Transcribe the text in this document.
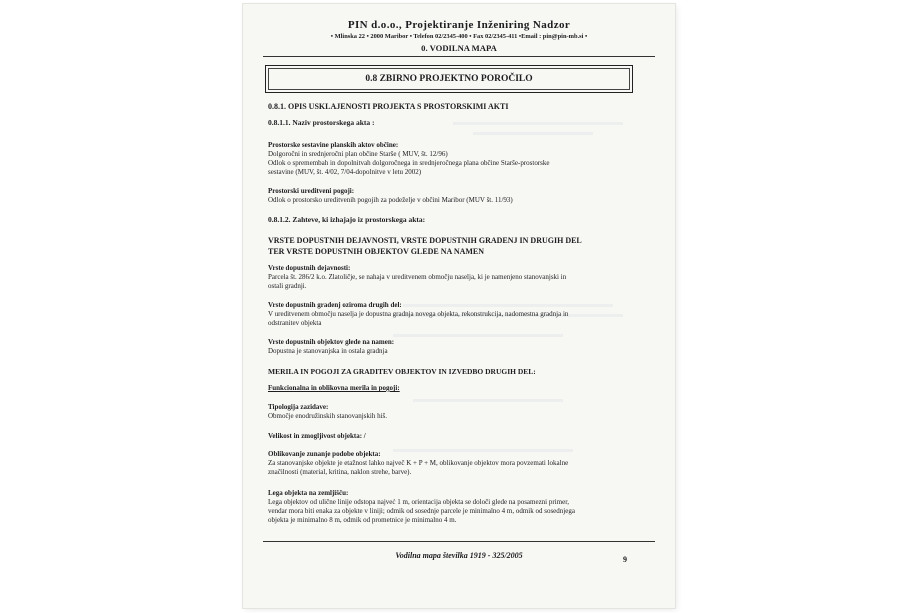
PIN d.o.o., Projektiranje Inženiring Nadzor
• Mlinska 22 • 2000 Maribor • Telefon 02/2345-400 • Fax 02/2345-411 •Email : pin@pin-mb.si •
0. VODILNA MAPA
0.8 ZBIRNO PROJEKTNO POROČILO
0.8.1. OPIS USKLAJENOSTI PROJEKTA S PROSTORSKIMI AKTI
0.8.1.1. Naziv prostorskega akta :
Prostorske sestavine planskih aktov občine:
Dolgoročni in srednjeročni plan občine Starše ( MUV, št. 12/96)
Odlok o spremembah in dopolnitvah dolgoročnega in srednjeročnega plana občine Starše-prostorske
sestavine (MUV, št. 4/02, 7/04-dopolnitve v letu 2002)
Prostorski ureditveni pogoji:
Odlok o prostorsko ureditvenih pogojih za podeželje v občini Maribor (MUV št. 11/93)
0.8.1.2. Zahteve, ki izhajajo iz prostorskega akta:
VRSTE DOPUSTNIH DEJAVNOSTI, VRSTE DOPUSTNIH GRADENJ IN DRUGIH DEL
TER VRSTE DOPUSTNIH OBJEKTOV GLEDE NA NAMEN
Vrste dopustnih dejavnosti:
Parcela št. 286/2 k.o. Zlatoličje, se nahaja v ureditvenem območju naselja, ki je namenjeno stanovanjski in
ostali gradnji.
Vrste dopustnih gradenj oziroma drugih del:
V ureditvenem območju naselja je dopustna gradnja novega objekta, rekonstrukcija, nadomestna gradnja in
odstranitev objekta
Vrste dopustnih objektov glede na namen:
Dopustna je stanovanjska in ostala gradnja
MERILA IN POGOJI ZA GRADITEV OBJEKTOV IN IZVEDBO DRUGIH DEL:
Funkcionalna in oblikovna merila in pogoji:
Tipologija zazidave:
Območje enodružinskih stanovanjskih hiš.
Velikost in zmogljivost objekta: /
Oblikovanje zunanje podobe objekta:
Za stanovanjske objekte je etažnost lahko največ K + P + M, oblikovanje objektov mora povzemati lokalne
značilnosti (material, kritina, naklon strehe, barve).
Lega objekta na zemljišču:
Lega objektov od ulične linije odstopa najveć 1 m, orientacija objekta se določi glede na posamezni primer,
vendar mora biti enaka za objekte v liniji; odmik od sosednje parcele je minimalno 4 m, odmik od sosednjega
objekta je minimalno 8 m, odmik od prometnice je minimalno 4 m.
Vodilna mapa številka 1919 - 325/2005	9
